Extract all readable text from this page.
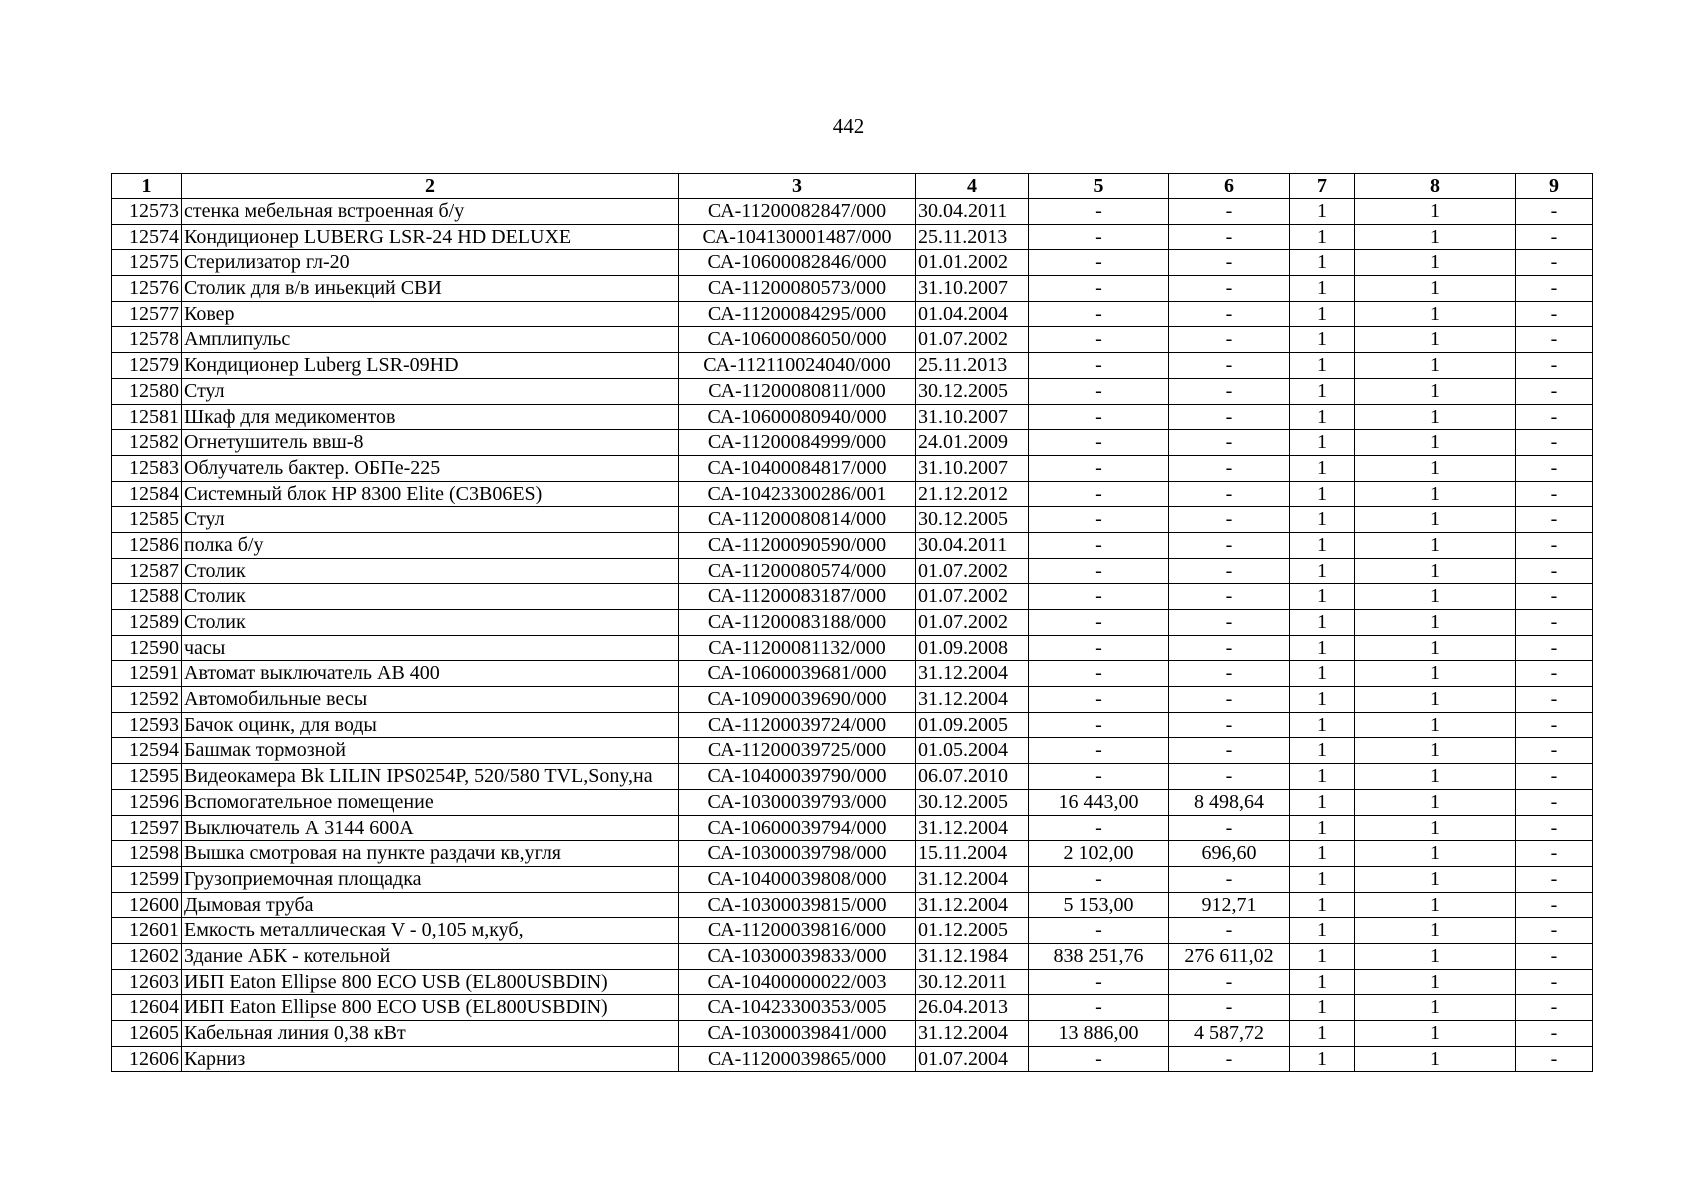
442
1	2	3	4	5	6	7	8	9
12573	стенка мебельная встроенная б/у	СА-11200082847/000	30.04.2011	-	-	1	1	-
12574	Кондиционер LUBERG LSR-24 HD DELUXE	СА-104130001487/000	25.11.2013	-	-	1	1	-
12575	Стерилизатор гл-20	СА-10600082846/000	01.01.2002	-	-	1	1	-
12576	Столик для в/в иньекций СВИ	СА-11200080573/000	31.10.2007	-	-	1	1	-
12577	Ковер	СА-11200084295/000	01.04.2004	-	-	1	1	-
12578	Амплипульс	СА-10600086050/000	01.07.2002	-	-	1	1	-
12579	Кондиционер Luberg LSR-09HD	СА-112110024040/000	25.11.2013	-	-	1	1	-
12580	Стул	СА-11200080811/000	30.12.2005	-	-	1	1	-
12581	Шкаф для медикоментов	СА-10600080940/000	31.10.2007	-	-	1	1	-
12582	Огнетушитель ввш-8	СА-11200084999/000	24.01.2009	-	-	1	1	-
12583	Облучатель бактер. ОБПе-225	СА-10400084817/000	31.10.2007	-	-	1	1	-
12584	Системный блок HP 8300 Elite (C3B06ES)	СА-10423300286/001	21.12.2012	-	-	1	1	-
12585	Стул	СА-11200080814/000	30.12.2005	-	-	1	1	-
12586	полка б/у	СА-11200090590/000	30.04.2011	-	-	1	1	-
12587	Столик	СА-11200080574/000	01.07.2002	-	-	1	1	-
12588	Столик	СА-11200083187/000	01.07.2002	-	-	1	1	-
12589	Столик	СА-11200083188/000	01.07.2002	-	-	1	1	-
12590	часы	СА-11200081132/000	01.09.2008	-	-	1	1	-
12591	Автомат выключатель АВ 400	СА-10600039681/000	31.12.2004	-	-	1	1	-
12592	Автомобильные весы	СА-10900039690/000	31.12.2004	-	-	1	1	-
12593	Бачок оцинк, для воды	СА-11200039724/000	01.09.2005	-	-	1	1	-
12594	Башмак тормозной	СА-11200039725/000	01.05.2004	-	-	1	1	-
12595	Видеокамера Bk LILIN IPS0254P, 520/580 TVL,Sony,на	СА-10400039790/000	06.07.2010	-	-	1	1	-
12596	Вспомогательное помещение	СА-10300039793/000	30.12.2005	16 443,00	8 498,64	1	1	-
12597	Выключатель А 3144 600А	СА-10600039794/000	31.12.2004	-	-	1	1	-
12598	Вышка смотровая на пункте раздачи кв,угля	СА-10300039798/000	15.11.2004	2 102,00	696,60	1	1	-
12599	Грузоприемочная площадка	СА-10400039808/000	31.12.2004	-	-	1	1	-
12600	Дымовая труба	СА-10300039815/000	31.12.2004	5 153,00	912,71	1	1	-
12601	Емкость металлическая V - 0,105 м,куб,	СА-11200039816/000	01.12.2005	-	-	1	1	-
12602	Здание АБК - котельной	СА-10300039833/000	31.12.1984	838 251,76	276 611,02	1	1	-
12603	ИБП Eaton Ellipse 800 ECO USB (EL800USBDIN)	СА-10400000022/003	30.12.2011	-	-	1	1	-
12604	ИБП Eaton Ellipse 800 ECO USB (EL800USBDIN)	СА-10423300353/005	26.04.2013	-	-	1	1	-
12605	Кабельная линия 0,38 кВт	СА-10300039841/000	31.12.2004	13 886,00	4 587,72	1	1	-
12606	Карниз	СА-11200039865/000	01.07.2004	-	-	1	1	-
